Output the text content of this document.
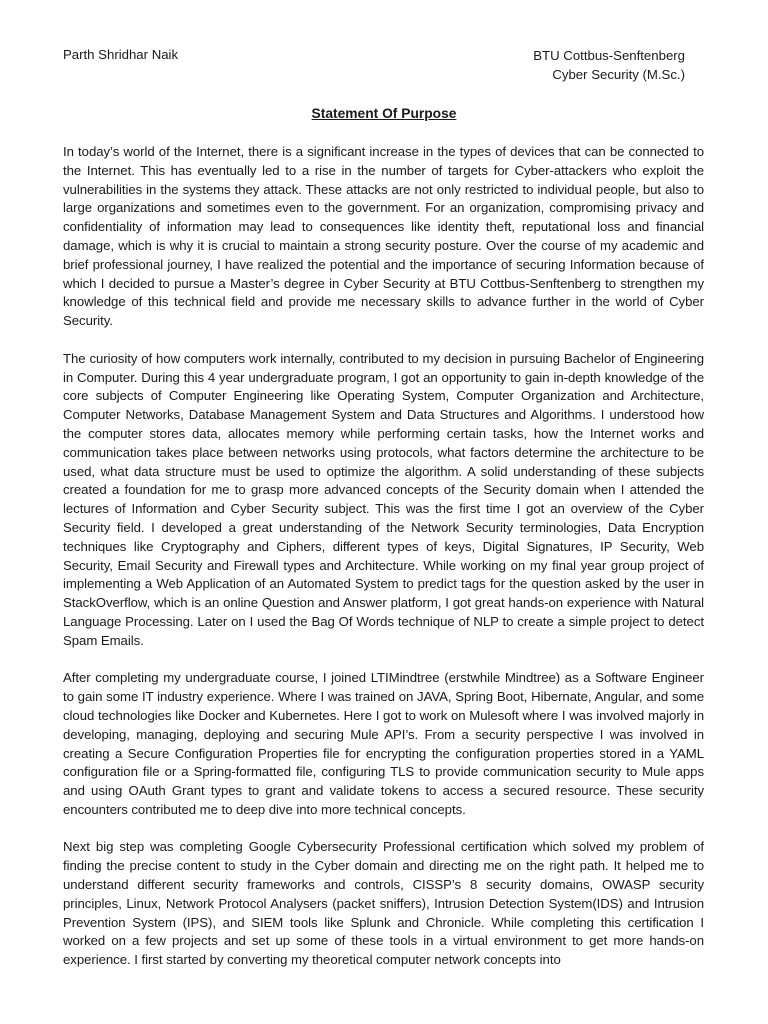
Parth Shridhar Naik	BTU Cottbus-Senftenberg
Cyber Security (M.Sc.)
Statement Of Purpose

In today’s world of the Internet, there is a significant increase in the types of devices that can be connected to the Internet. This has eventually led to a rise in the number of targets for Cyber-attackers who exploit the vulnerabilities in the systems they attack. These attacks are not only restricted to individual people, but also to large organizations and sometimes even to the government. For an organization, compromising privacy and confidentiality of information may lead to consequences like identity theft, reputational loss and financial damage, which is why it is crucial to maintain a strong security posture. Over the course of my academic and brief professional journey, I have realized the potential and the importance of securing Information because of which I decided to pursue a Master’s degree in Cyber Security at BTU Cottbus-Senftenberg to strengthen my knowledge of this technical field and provide me necessary skills to advance further in the world of Cyber Security.

The curiosity of how computers work internally, contributed to my decision in pursuing Bachelor of Engineering in Computer. During this 4 year undergraduate program, I got an opportunity to gain in-depth knowledge of the core subjects of Computer Engineering like Operating System, Computer Organization and Architecture, Computer Networks, Database Management System and Data Structures and Algorithms. I understood how the computer stores data, allocates memory while performing certain tasks, how the Internet works and communication takes place between networks using protocols, what factors determine the architecture to be used, what data structure must be used to optimize the algorithm. A solid understanding of these subjects created a foundation for me to grasp more advanced concepts of the Security domain when I attended the lectures of Information and Cyber Security subject. This was the first time I got an overview of the Cyber Security field. I developed a great understanding of the Network Security terminologies, Data Encryption techniques like Cryptography and Ciphers, different types of keys, Digital Signatures, IP Security, Web Security, Email Security and Firewall types and Architecture. While working on my final year group project of implementing a Web Application of an Automated System to predict tags for the question asked by the user in StackOverflow, which is an online Question and Answer platform, I got great hands-on experience with Natural Language Processing. Later on I used the Bag Of Words technique of NLP to create a simple project to detect Spam Emails.

After completing my undergraduate course, I joined LTIMindtree (erstwhile Mindtree) as a Software Engineer to gain some IT industry experience. Where I was trained on JAVA, Spring Boot, Hibernate, Angular, and some cloud technologies like Docker and Kubernetes. Here I got to work on Mulesoft where I was involved majorly in developing, managing, deploying and securing Mule API’s. From a security perspective I was involved in creating a Secure Configuration Properties file for encrypting the configuration properties stored in a YAML configuration file or a Spring-formatted file, configuring TLS to provide communication security to Mule apps and using OAuth Grant types to grant and validate tokens to access a secured resource. These security encounters contributed me to deep dive into more technical concepts.

Next big step was completing Google Cybersecurity Professional certification which solved my problem of finding the precise content to study in the Cyber domain and directing me on the right path. It helped me to understand different security frameworks and controls, CISSP’s 8 security domains, OWASP security principles, Linux, Network Protocol Analysers (packet sniffers), Intrusion Detection System(IDS) and Intrusion Prevention System (IPS), and SIEM tools like Splunk and Chronicle. While completing this certification I worked on a few projects and set up some of these tools in a virtual environment to get more hands-on experience. I first started by converting my theoretical computer network concepts into
